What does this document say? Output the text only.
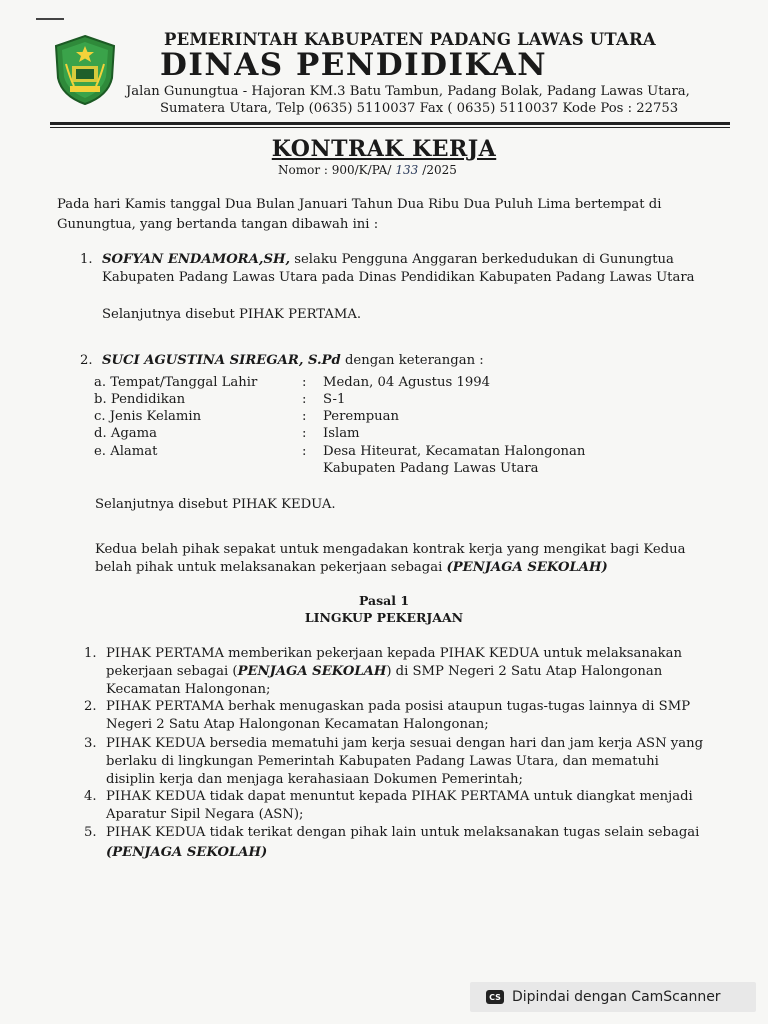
PEMERINTAH KABUPATEN PADANG LAWAS UTARA
DINAS PENDIDIKAN
Jalan Gunungtua - Hajoran KM.3 Batu Tambun, Padang Bolak, Padang Lawas Utara,
Sumatera Utara, Telp (0635) 5110037 Fax ( 0635) 5110037 Kode Pos : 22753
KONTRAK KERJA
Nomor : 900/K/PA/ 133 /2025
Pada hari Kamis tanggal Dua Bulan Januari Tahun Dua Ribu Dua Puluh Lima bertempat di
Gunungtua, yang bertanda tangan dibawah ini :
1. SOFYAN ENDAMORA,SH, selaku Pengguna Anggaran berkedudukan di Gunungtua
Kabupaten Padang Lawas Utara pada Dinas Pendidikan Kabupaten Padang Lawas Utara
Selanjutnya disebut PIHAK PERTAMA.
2. SUCI AGUSTINA SIREGAR, S.Pd dengan keterangan :
a. Tempat/Tanggal Lahir	: Medan, 04 Agustus 1994
b. Pendidikan	: S-1
c. Jenis Kelamin	: Perempuan
d. Agama	: Islam
e. Alamat	: Desa Hiteurat, Kecamatan Halongonan
Kabupaten Padang Lawas Utara
Selanjutnya disebut PIHAK KEDUA.
Kedua belah pihak sepakat untuk mengadakan kontrak kerja yang mengikat bagi Kedua
belah pihak untuk melaksanakan pekerjaan sebagai (PENJAGA SEKOLAH)
Pasal 1
LINGKUP PEKERJAAN
1. PIHAK PERTAMA memberikan pekerjaan kepada PIHAK KEDUA untuk melaksanakan
pekerjaan sebagai (PENJAGA SEKOLAH) di SMP Negeri 2 Satu Atap Halongonan
Kecamatan Halongonan;
2. PIHAK PERTAMA berhak menugaskan pada posisi ataupun tugas-tugas lainnya di SMP
Negeri 2 Satu Atap Halongonan Kecamatan Halongonan;
3. PIHAK KEDUA bersedia mematuhi jam kerja sesuai dengan hari dan jam kerja ASN yang
berlaku di lingkungan Pemerintah Kabupaten Padang Lawas Utara, dan mematuhi
disiplin kerja dan menjaga kerahasiaan Dokumen Pemerintah;
4. PIHAK KEDUA tidak dapat menuntut kepada PIHAK PERTAMA untuk diangkat menjadi
Aparatur Sipil Negara (ASN);
5. PIHAK KEDUA tidak terikat dengan pihak lain untuk melaksanakan tugas selain sebagai
(PENJAGA SEKOLAH)
CS Dipindai dengan CamScanner
